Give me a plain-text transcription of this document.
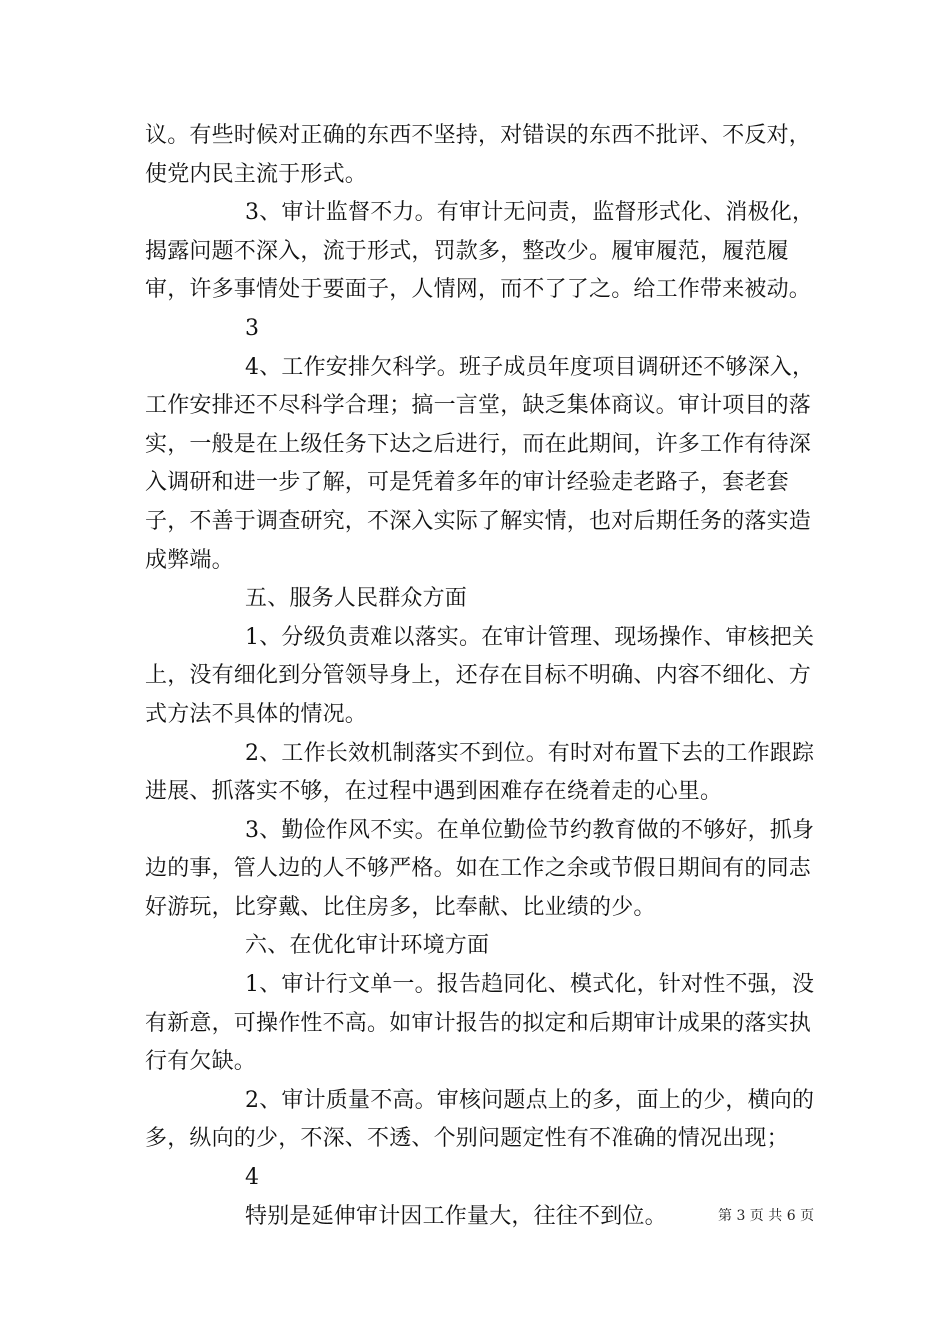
议。有些时候对正确的东西不坚持，对错误的东西不批评、不反对，使党内民主流于形式。

3、审计监督不力。有审计无问责，监督形式化、消极化，揭露问题不深入，流于形式，罚款多，整改少。履审履范，履范履审，许多事情处于要面子，人情网，而不了了之。给工作带来被动。

3

4、工作安排欠科学。班子成员年度项目调研还不够深入，工作安排还不尽科学合理；搞一言堂，缺乏集体商议。审计项目的落实，一般是在上级任务下达之后进行，而在此期间，许多工作有待深入调研和进一步了解，可是凭着多年的审计经验走老路子，套老套子，不善于调查研究，不深入实际了解实情，也对后期任务的落实造成弊端。

五、服务人民群众方面

1、分级负责难以落实。在审计管理、现场操作、审核把关上，没有细化到分管领导身上，还存在目标不明确、内容不细化、方式方法不具体的情况。

2、工作长效机制落实不到位。有时对布置下去的工作跟踪进展、抓落实不够，在过程中遇到困难存在绕着走的心里。

3、勤俭作风不实。在单位勤俭节约教育做的不够好，抓身边的事，管人边的人不够严格。如在工作之余或节假日期间有的同志好游玩，比穿戴、比住房多，比奉献、比业绩的少。

六、在优化审计环境方面

1、审计行文单一。报告趋同化、模式化，针对性不强，没有新意，可操作性不高。如审计报告的拟定和后期审计成果的落实执行有欠缺。

2、审计质量不高。审核问题点上的多，面上的少，横向的多，纵向的少，不深、不透、个别问题定性有不准确的情况出现；

4

特别是延伸审计因工作量大，往往不到位。	第 3 页 共 6 页
